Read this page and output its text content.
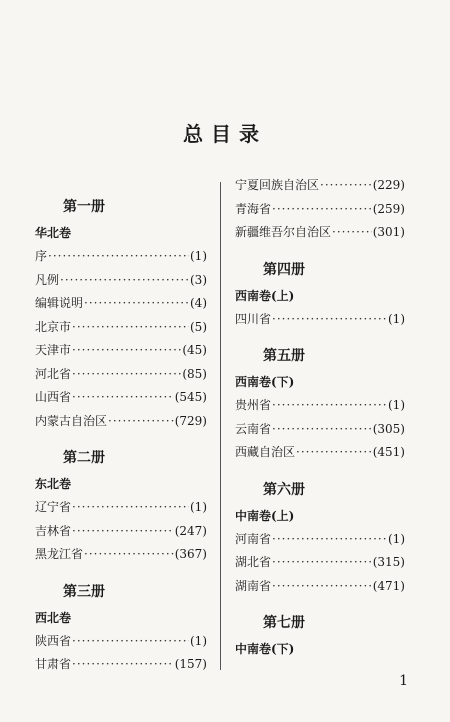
总目录
第一册
华北卷
序 ·····	(1)
凡例 ·····	(3)
编辑说明 ·····	(4)
北京市 ·····	(5)
天津市 ·····	(45)
河北省 ·····	(85)
山西省 ·····	(545)
内蒙古自治区 ·····	(729)
第二册
东北卷
辽宁省 ·····	(1)
吉林省 ·····	(247)
黑龙江省 ·····	(367)
第三册
西北卷
陕西省 ·····	(1)
甘肃省 ·····	(157)
宁夏回族自治区 ·····	(229)
青海省 ·····	(259)
新疆维吾尔自治区 ·····	(301)
第四册
西南卷(上)
四川省 ·····	(1)
第五册
西南卷(下)
贵州省 ·····	(1)
云南省 ·····	(305)
西藏自治区 ·····	(451)
第六册
中南卷(上)
河南省 ·····	(1)
湖北省 ·····	(315)
湖南省 ·····	(471)
第七册
中南卷(下)
1
